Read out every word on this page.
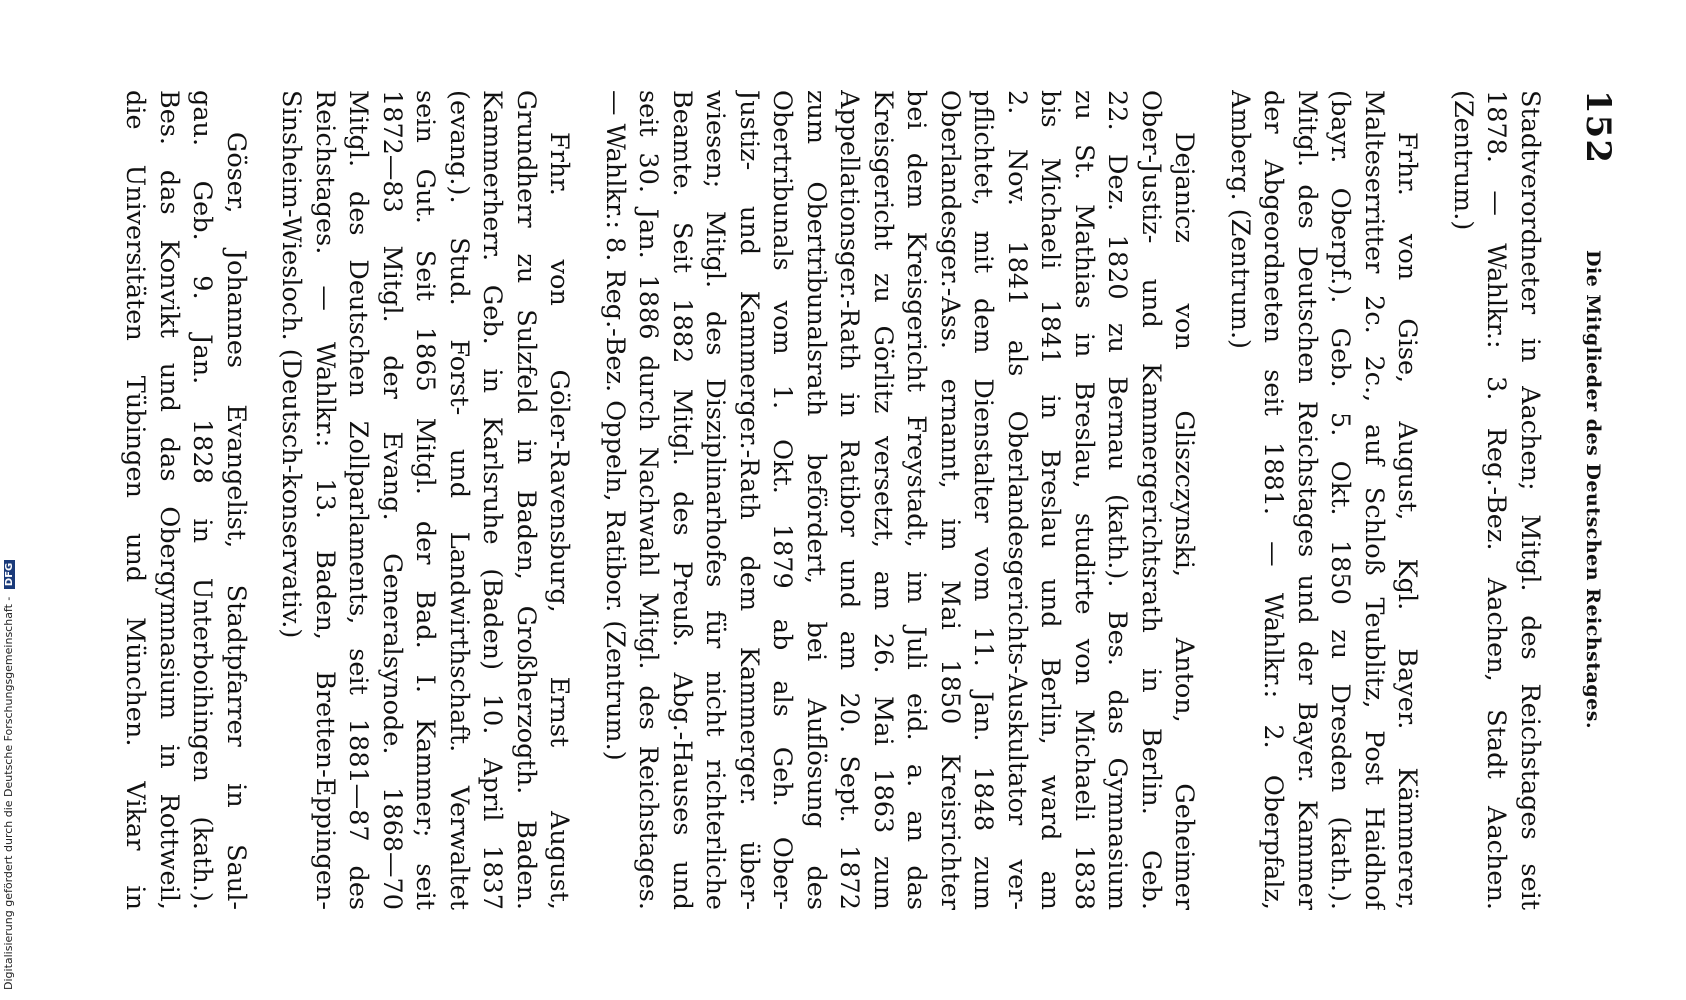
152
Die Mitglieder des Deutschen Reichstages.
Stadtverordneter in Aachen; Mitgl. des Reichstages seit
1878. — Wahlkr.: 3. Reg.-Bez. Aachen, Stadt Aachen.
(Zentrum.)
Frhr. von Gise, August, Kgl. Bayer. Kämmerer,
Malteserritter 2c. 2c., auf Schloß Teublitz, Post Haidhof
(bayr. Oberpf.). Geb. 5. Okt. 1850 zu Dresden (kath.).
Mitgl. des Deutschen Reichstages und der Bayer. Kammer
der Abgeordneten seit 1881. — Wahlkr.: 2. Oberpfalz,
Amberg. (Zentrum.)
Dejanicz von Gliszczynski, Anton, Geheimer
Ober-Justiz- und Kammergerichtsrath in Berlin. Geb.
22. Dez. 1820 zu Bernau (kath.). Bes. das Gymnasium
zu St. Mathias in Breslau, studirte von Michaeli 1838
bis Michaeli 1841 in Breslau und Berlin, ward am
2. Nov. 1841 als Oberlandesgerichts-Auskultator ver-
pflichtet, mit dem Dienstalter vom 11. Jan. 1848 zum
Oberlandesger.-Ass. ernannt, im Mai 1850 Kreisrichter
bei dem Kreisgericht Freystadt, im Juli eid. a. an das
Kreisgericht zu Görlitz versetzt, am 26. Mai 1863 zum
Appellationsger.-Rath in Ratibor und am 20. Sept. 1872
zum Obertribunalsrath befördert, bei Auflösung des
Obertribunals vom 1. Okt. 1879 ab als Geh. Ober-
Justiz- und Kammerger.-Rath dem Kammerger. über-
wiesen; Mitgl. des Disziplinarhofes für nicht richterliche
Beamte. Seit 1882 Mitgl. des Preuß. Abg.-Hauses und
seit 30. Jan. 1886 durch Nachwahl Mitgl. des Reichstages.
— Wahlkr.: 8. Reg.-Bez. Oppeln, Ratibor. (Zentrum.)
Frhr. von Göler-Ravensburg, Ernst August,
Grundherr zu Sulzfeld in Baden, Großherzogth. Baden.
Kammerherr. Geb. in Karlsruhe (Baden) 10. April 1837
(evang.). Stud. Forst- und Landwirthschaft. Verwaltet
sein Gut. Seit 1865 Mitgl. der Bad. I. Kammer; seit
1872—83 Mitgl. der Evang. Generalsynode. 1868—70
Mitgl. des Deutschen Zollparlaments, seit 1881—87 des
Reichstages. — Wahlkr.: 13. Baden, Bretten-Eppingen-
Sinsheim-Wiesloch. (Deutsch-konservativ.)
Göser, Johannes Evangelist, Stadtpfarrer in Saul-
gau. Geb. 9. Jan. 1828 in Unterboihingen (kath.).
Bes. das Konvikt und das Obergymnasium in Rottweil,
die Universitäten Tübingen und München. Vikar in
Digitalisierung gefördert durch die Deutsche Forschungsgemeinschaft - DFG
